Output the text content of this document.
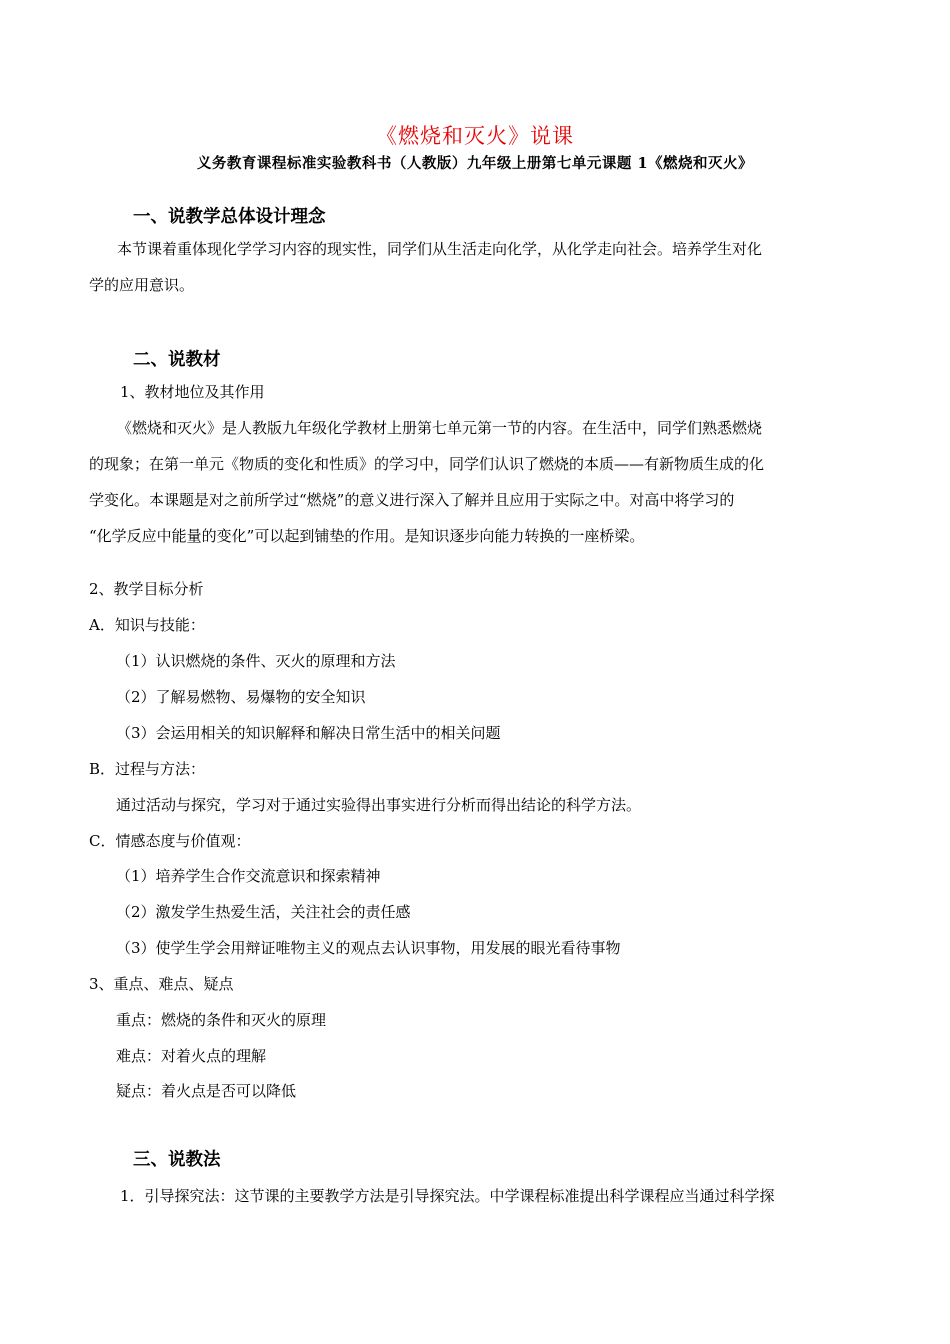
《燃烧和灭火》说课
义务教育课程标准实验教科书（人教版）九年级上册第七单元课题 1《燃烧和灭火》
一、说教学总体设计理念
本节课着重体现化学学习内容的现实性，同学们从生活走向化学，从化学走向社会。培养学生对化
学的应用意识。
二、说教材
1、教材地位及其作用
《燃烧和灭火》是人教版九年级化学教材上册第七单元第一节的内容。在生活中，同学们熟悉燃烧
的现象；在第一单元《物质的变化和性质》的学习中，同学们认识了燃烧的本质——有新物质生成的化
学变化。本课题是对之前所学过“燃烧”的意义进行深入了解并且应用于实际之中。对高中将学习的
“化学反应中能量的变化”可以起到铺垫的作用。是知识逐步向能力转换的一座桥梁。
2、教学目标分析
A．知识与技能：
（1）认识燃烧的条件、灭火的原理和方法
（2）了解易燃物、易爆物的安全知识
（3）会运用相关的知识解释和解决日常生活中的相关问题
B．过程与方法：
通过活动与探究，学习对于通过实验得出事实进行分析而得出结论的科学方法。
C．情感态度与价值观：
（1）培养学生合作交流意识和探索精神
（2）激发学生热爱生活，关注社会的责任感
（3）使学生学会用辩证唯物主义的观点去认识事物，用发展的眼光看待事物
3、重点、难点、疑点
重点：燃烧的条件和灭火的原理
难点：对着火点的理解
疑点：着火点是否可以降低
三、说教法
1．引导探究法：这节课的主要教学方法是引导探究法。中学课程标准提出科学课程应当通过科学探
